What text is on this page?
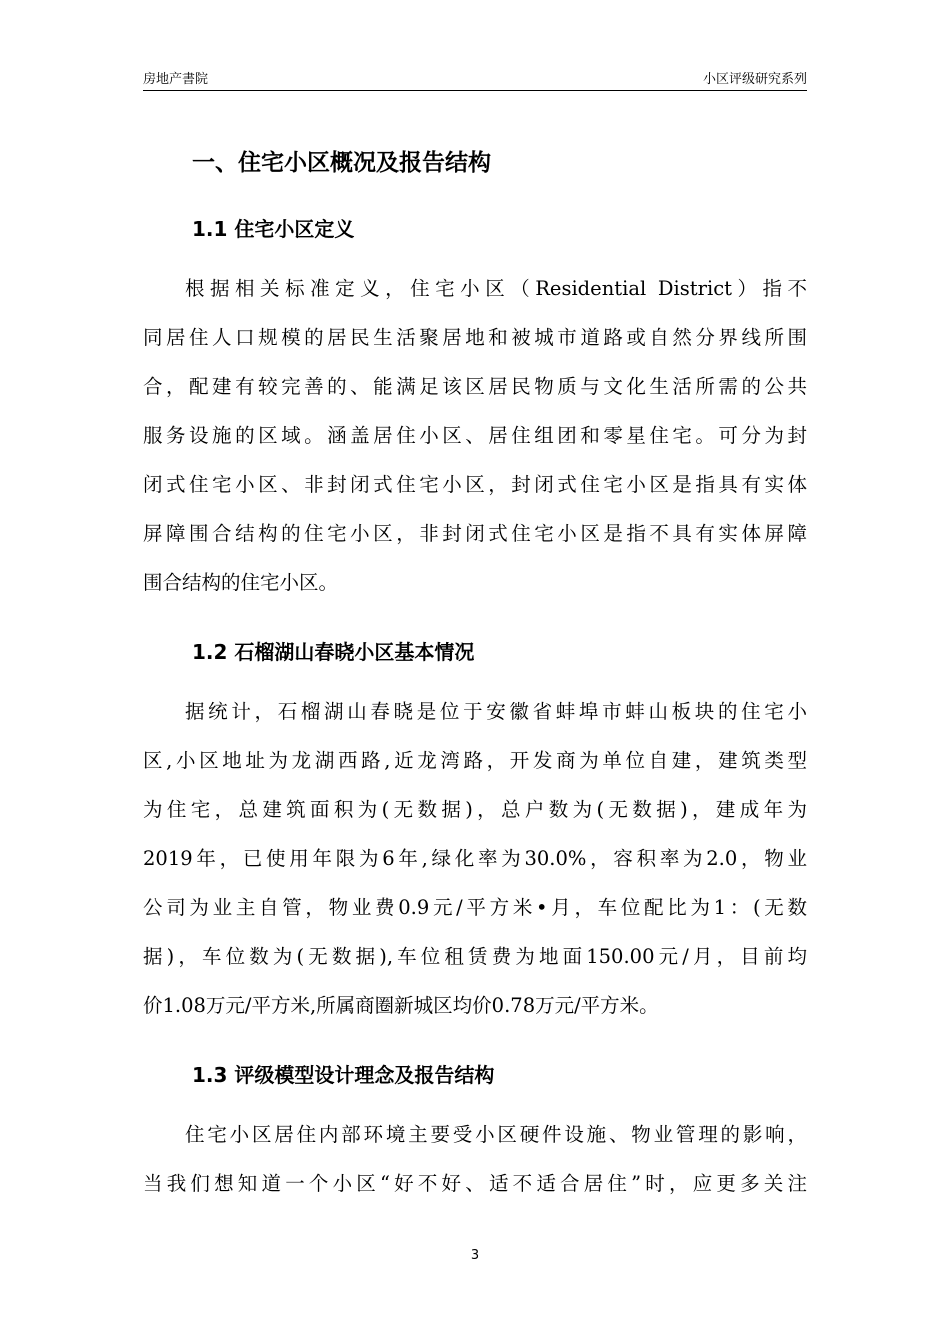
房地产書院	小区评级研究系列
一、住宅小区概况及报告结构
1.1 住宅小区定义
根据相关标准定义，住宅小区（Residential District）指不
同居住人口规模的居民生活聚居地和被城市道路或自然分界线所围
合，配建有较完善的、能满足该区居民物质与文化生活所需的公共
服务设施的区域。涵盖居住小区、居住组团和零星住宅。可分为封
闭式住宅小区、非封闭式住宅小区，封闭式住宅小区是指具有实体
屏障围合结构的住宅小区，非封闭式住宅小区是指不具有实体屏障
围合结构的住宅小区。
1.2 石榴湖山春晓小区基本情况
据统计，石榴湖山春晓是位于安徽省蚌埠市蚌山板块的住宅小
区,小区地址为龙湖西路,近龙湾路，开发商为单位自建，建筑类型
为住宅，总建筑面积为(无数据)，总户数为(无数据)，建成年为
2019年，已使用年限为6年,绿化率为30.0%，容积率为2.0，物业
公司为业主自管，物业费0.9元/平方米•月，车位配比为1：(无数
据)，车位数为(无数据),车位租赁费为地面150.00元/月，目前均
价1.08万元/平方米,所属商圈新城区均价0.78万元/平方米。
1.3 评级模型设计理念及报告结构
住宅小区居住内部环境主要受小区硬件设施、物业管理的影响，
当我们想知道一个小区“好不好、适不适合居住”时，应更多关注
3
